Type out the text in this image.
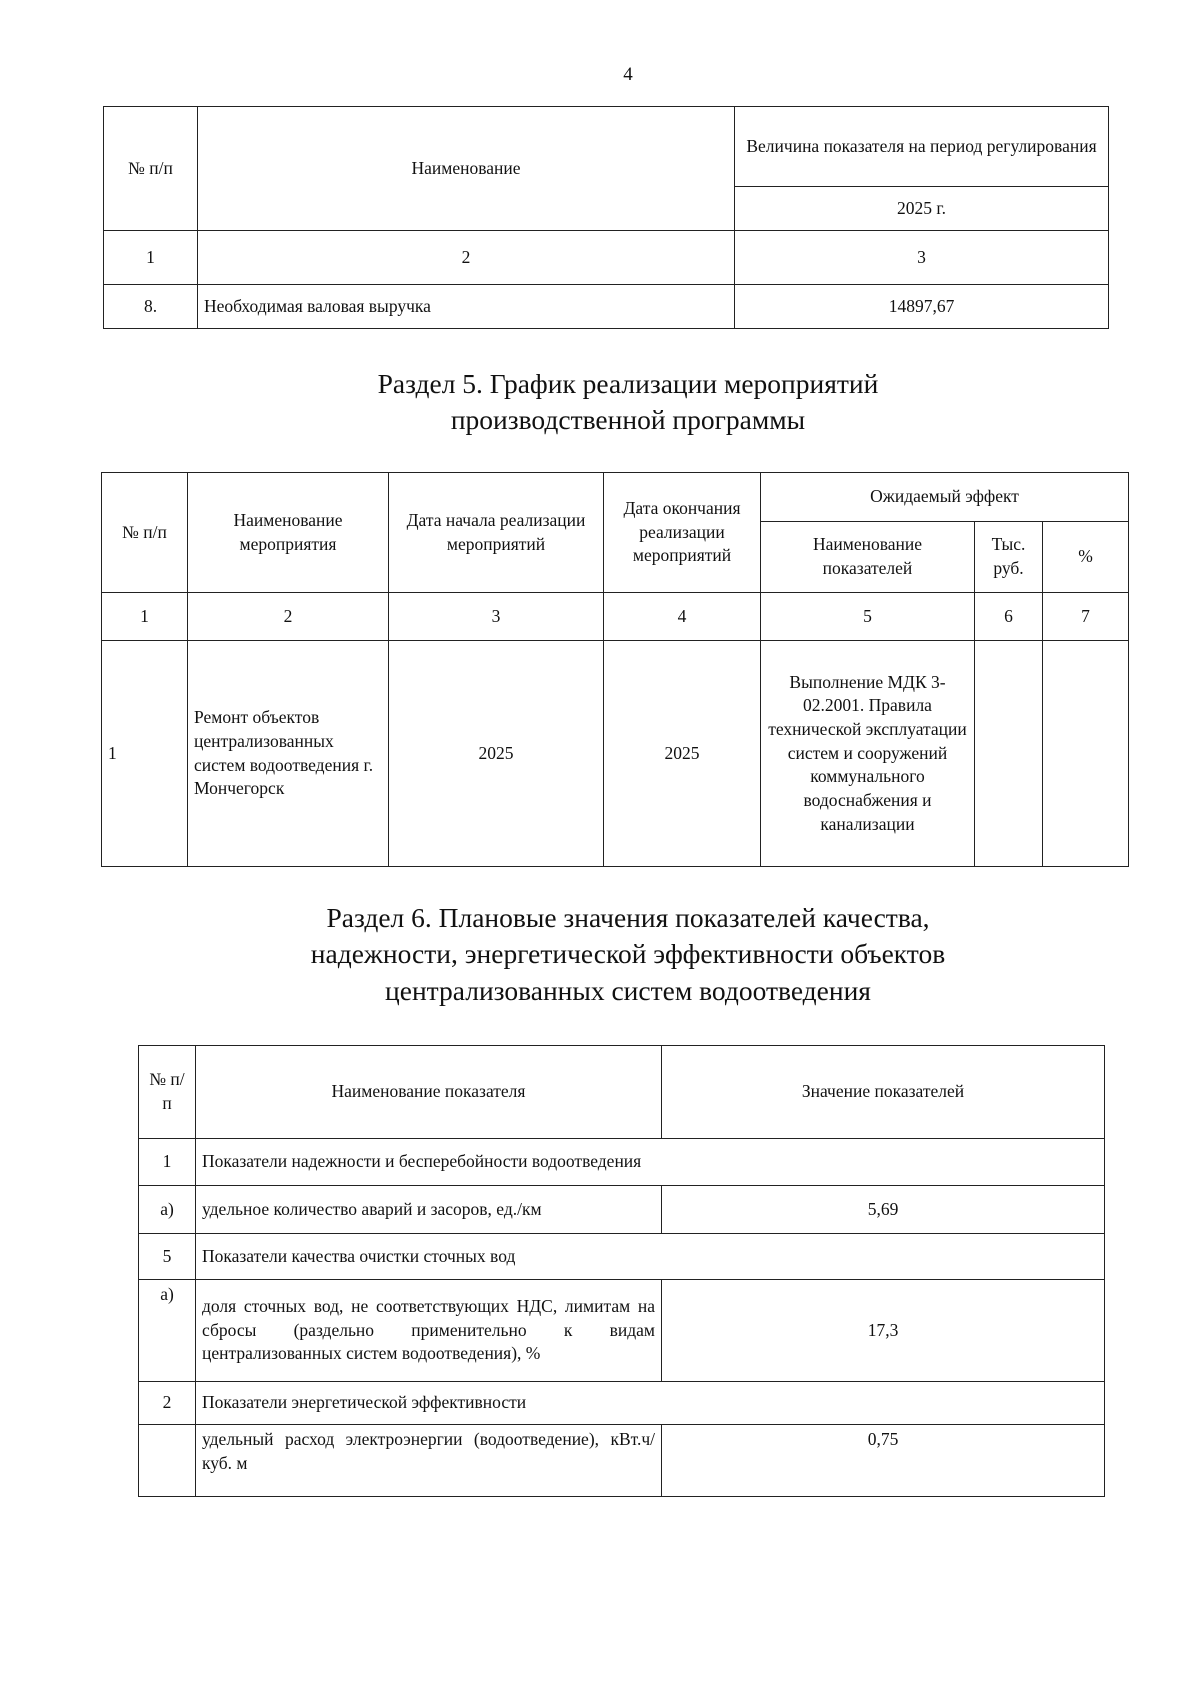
4
№ п/п	Наименование	Величина показателя на период регулирования
		2025 г.
1	2	3
8.	Необходимая валовая выручка	14897,67
Раздел 5. График реализации мероприятий производственной программы
№ п/п	Наименование мероприятия	Дата начала реализации мероприятий	Дата окончания реализации мероприятий	Ожидаемый эффект		
				Наименование показателей	Тыс. руб.	%
1	2	3	4	5	6	7
1	Ремонт объектов централизованных систем водоотведения г. Мончегорск	2025	2025	Выполнение МДК 3-02.2001. Правила технической эксплуатации систем и сооружений коммунального водоснабжения и канализации		
Раздел 6. Плановые значения показателей качества, надежности, энергетической эффективности объектов централизованных систем водоотведения
№ п/п	Наименование показателя	Значение показателей
1	Показатели надежности и бесперебойности водоотведения	
а)	удельное количество аварий и засоров, ед./км	5,69
5	Показатели качества очистки сточных вод	
а)	доля сточных вод, не соответствующих НДС, лимитам на сбросы (раздельно применительно к видам централизованных систем водоотведения), %	17,3
2	Показатели энергетической эффективности	
	удельный расход электроэнергии (водоотведение), кВт.ч/куб. м	0,75
